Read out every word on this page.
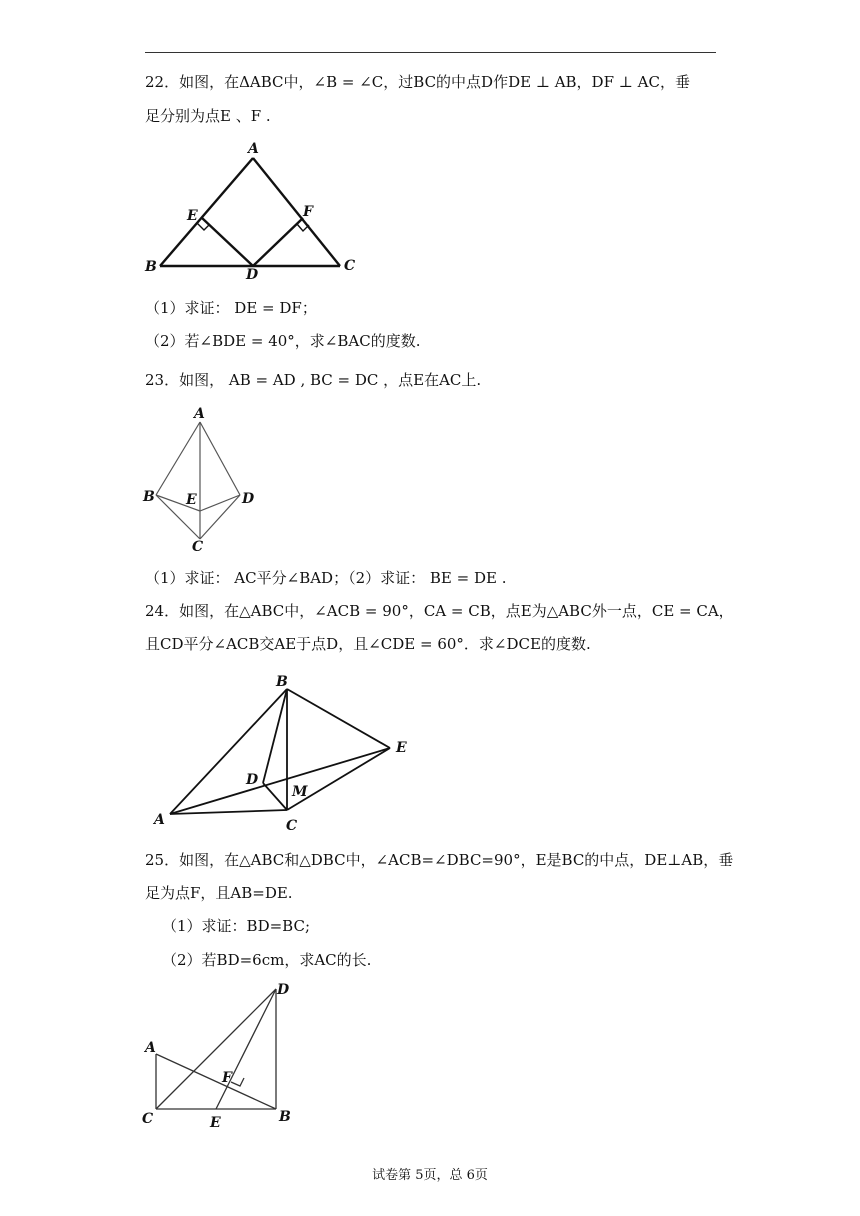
22．如图，在ΔABC中，∠B = ∠C，过BC的中点D作DE ⊥ AB，DF ⊥ AC，垂
足分别为点E 、F .
A
B	C
D
E	F
（1）求证： DE = DF；
（2）若∠BDE = 40°，求∠BAC的度数.
23．如图， AB = AD , BC = DC ，点E在AC上.
A
B
C
D
E
（1）求证： AC平分∠BAD；（2）求证： BE = DE .
24．如图，在△ABC中，∠ACB = 90°，CA = CB，点E为△ABC外一点，CE = CA，
且CD平分∠ACB交AE于点D，且∠CDE = 60°．求∠DCE的度数.
B
A	C
D
E
M
25．如图，在△ABC和△DBC中，∠ACB=∠DBC=90°，E是BC的中点，DE⊥AB，垂
足为点F，且AB=DE.
（1）求证：BD=BC;
（2）若BD=6cm，求AC的长.
A
B
C
D
E
F
试卷第 5页，总 6页
